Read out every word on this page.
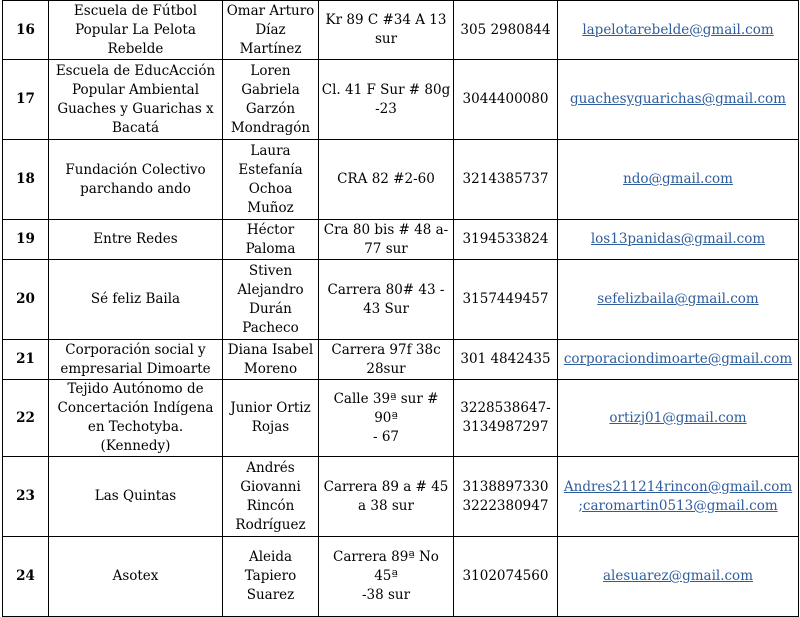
16	Escuela de Fútbol
Popular La Pelota
Rebelde	Omar Arturo
Díaz
Martínez	Kr 89 C #34 A 13
sur	305 2980844	lapelotarebelde@gmail.com
17	Escuela de EducAcción
Popular Ambiental
Guaches y Guarichas x
Bacatá	Loren
Gabriela
Garzón
Mondragón	Cl. 41 F Sur # 80g
-23	3044400080	guachesyguarichas@gmail.com
18	Fundación Colectivo
parchando ando	Laura
Estefanía
Ochoa
Muñoz	CRA 82 #2-60	3214385737	ndo@gmail.com
19	Entre Redes	Héctor
Paloma	Cra 80 bis # 48 a-
77 sur	3194533824	los13panidas@gmail.com
20	Sé feliz Baila	Stiven
Alejandro
Durán
Pacheco	Carrera 80# 43 -
43 Sur	3157449457	sefelizbaila@gmail.com
21	Corporación social y
empresarial Dimoarte	Diana Isabel
Moreno	Carrera 97f 38c
28sur	301 4842435	corporaciondimoarte@gmail.com
22	Tejido Autónomo de
Concertación Indígena
en Techotyba. (Kennedy)	Junior Ortiz
Rojas	Calle 39ª sur # 90ª
- 67	3228538647-
3134987297	ortizj01@gmail.com
23	Las Quintas	Andrés
Giovanni
Rincón
Rodríguez	Carrera 89 a # 45
a 38 sur	3138897330
3222380947	Andres211214rincon@gmail.com
;caromartin0513@gmail.com

24	Asotex	Aleida
Tapiero
Suarez	Carrera 89ª No 45ª
-38 sur	3102074560	alesuarez@gmail.com
